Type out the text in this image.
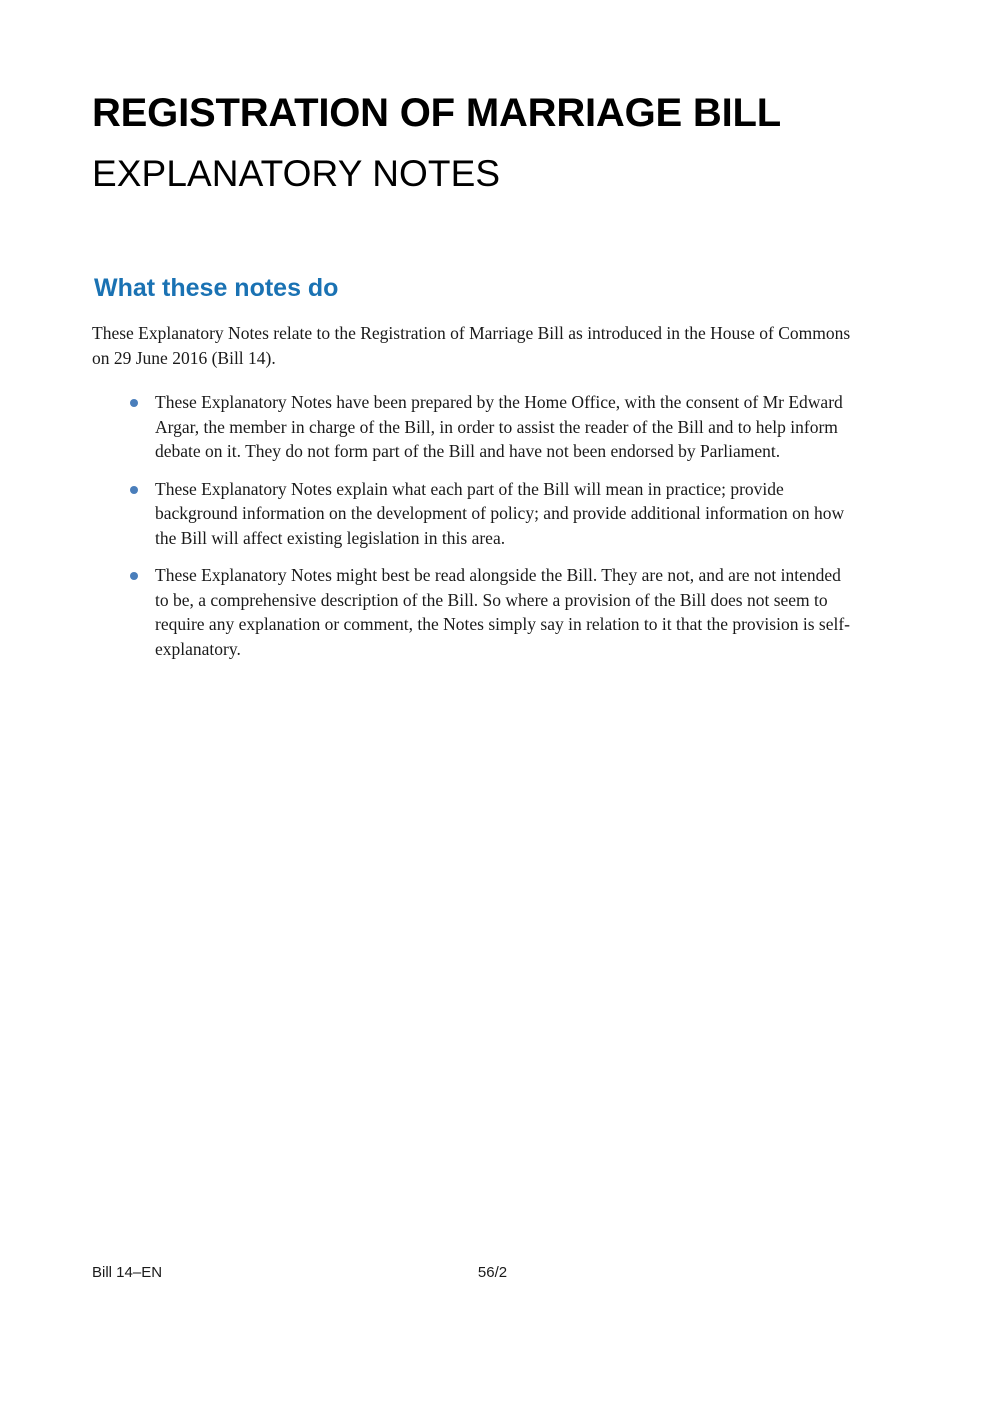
REGISTRATION OF MARRIAGE BILL
EXPLANATORY NOTES
What these notes do

These Explanatory Notes relate to the Registration of Marriage Bill as introduced in the House of Commons on 29 June 2016 (Bill 14).

These Explanatory Notes have been prepared by the Home Office, with the consent of Mr Edward Argar, the member in charge of the Bill, in order to assist the reader of the Bill and to help inform debate on it. They do not form part of the Bill and have not been endorsed by Parliament.
These Explanatory Notes explain what each part of the Bill will mean in practice; provide background information on the development of policy; and provide additional information on how the Bill will affect existing legislation in this area.
These Explanatory Notes might best be read alongside the Bill. They are not, and are not intended to be, a comprehensive description of the Bill. So where a provision of the Bill does not seem to require any explanation or comment, the Notes simply say in relation to it that the provision is self-explanatory.
Bill 14–EN	56/2
